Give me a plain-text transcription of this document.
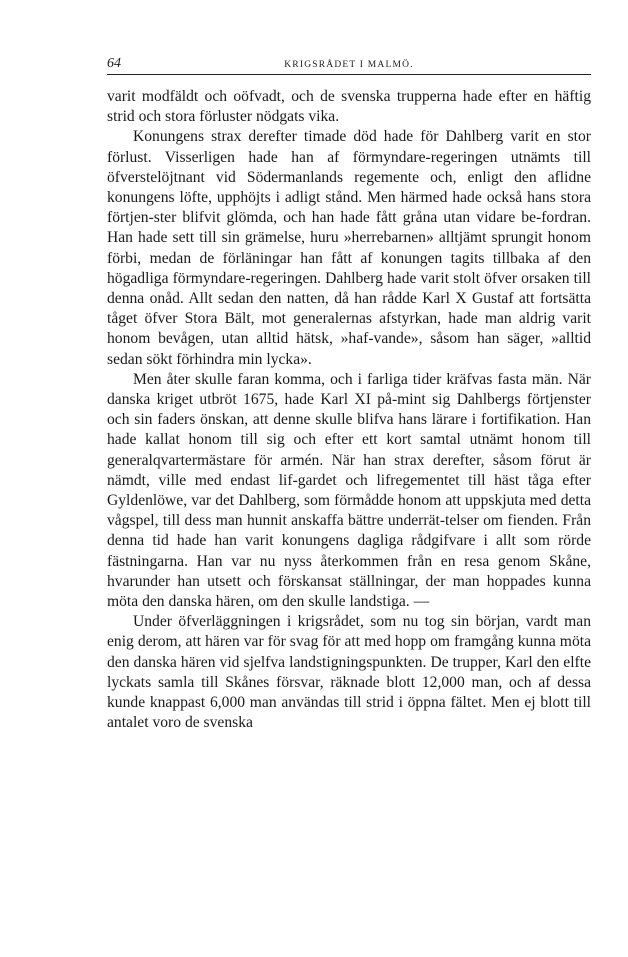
64	KRIGSRÅDET I MALMÖ.

varit modfäldt och oöfvadt, och de svenska trupperna hade efter en häftig strid och stora förluster nödgats vika.

Konungens strax derefter timade död hade för Dahlberg varit en stor förlust. Visserligen hade han af förmyndare-regeringen utnämts till öfverstelöjtnant vid Södermanlands regemente och, enligt den aflidne konungens löfte, upphöjts i adligt stånd. Men härmed hade också hans stora förtjen-ster blifvit glömda, och han hade fått gråna utan vidare be-fordran. Han hade sett till sin grämelse, huru »herrebarnen» alltjämt sprungit honom förbi, medan de förläningar han fått af konungen tagits tillbaka af den högadliga förmyndare-regeringen. Dahlberg hade varit stolt öfver orsaken till denna onåd. Allt sedan den natten, då han rådde Karl X Gustaf att fortsätta tåget öfver Stora Bält, mot generalernas afstyrkan, hade man aldrig varit honom bevågen, utan alltid hätsk, »haf-vande», såsom han säger, »alltid sedan sökt förhindra min lycka».

Men åter skulle faran komma, och i farliga tider kräfvas fasta män. När danska kriget utbröt 1675, hade Karl XI på-mint sig Dahlbergs förtjenster och sin faders önskan, att denne skulle blifva hans lärare i fortifikation. Han hade kallat honom till sig och efter ett kort samtal utnämt honom till generalqvartermästare för armén. När han strax derefter, såsom förut är nämdt, ville med endast lif-gardet och lifregementet till häst tåga efter Gyldenlöwe, var det Dahlberg, som förmådde honom att uppskjuta med detta vågspel, till dess man hunnit anskaffa bättre underrät-telser om fienden. Från denna tid hade han varit konungens dagliga rådgifvare i allt som rörde fästningarna. Han var nu nyss återkommen från en resa genom Skåne, hvarunder han utsett och förskansat ställningar, der man hoppades kunna möta den danska hären, om den skulle landstiga. —

Under öfverläggningen i krigsrådet, som nu tog sin början, vardt man enig derom, att hären var för svag för att med hopp om framgång kunna möta den danska hären vid sjelfva landstigningspunkten. De trupper, Karl den elfte lyckats samla till Skånes försvar, räknade blott 12,000 man, och af dessa kunde knappast 6,000 man användas till strid i öppna fältet. Men ej blott till antalet voro de svenska
